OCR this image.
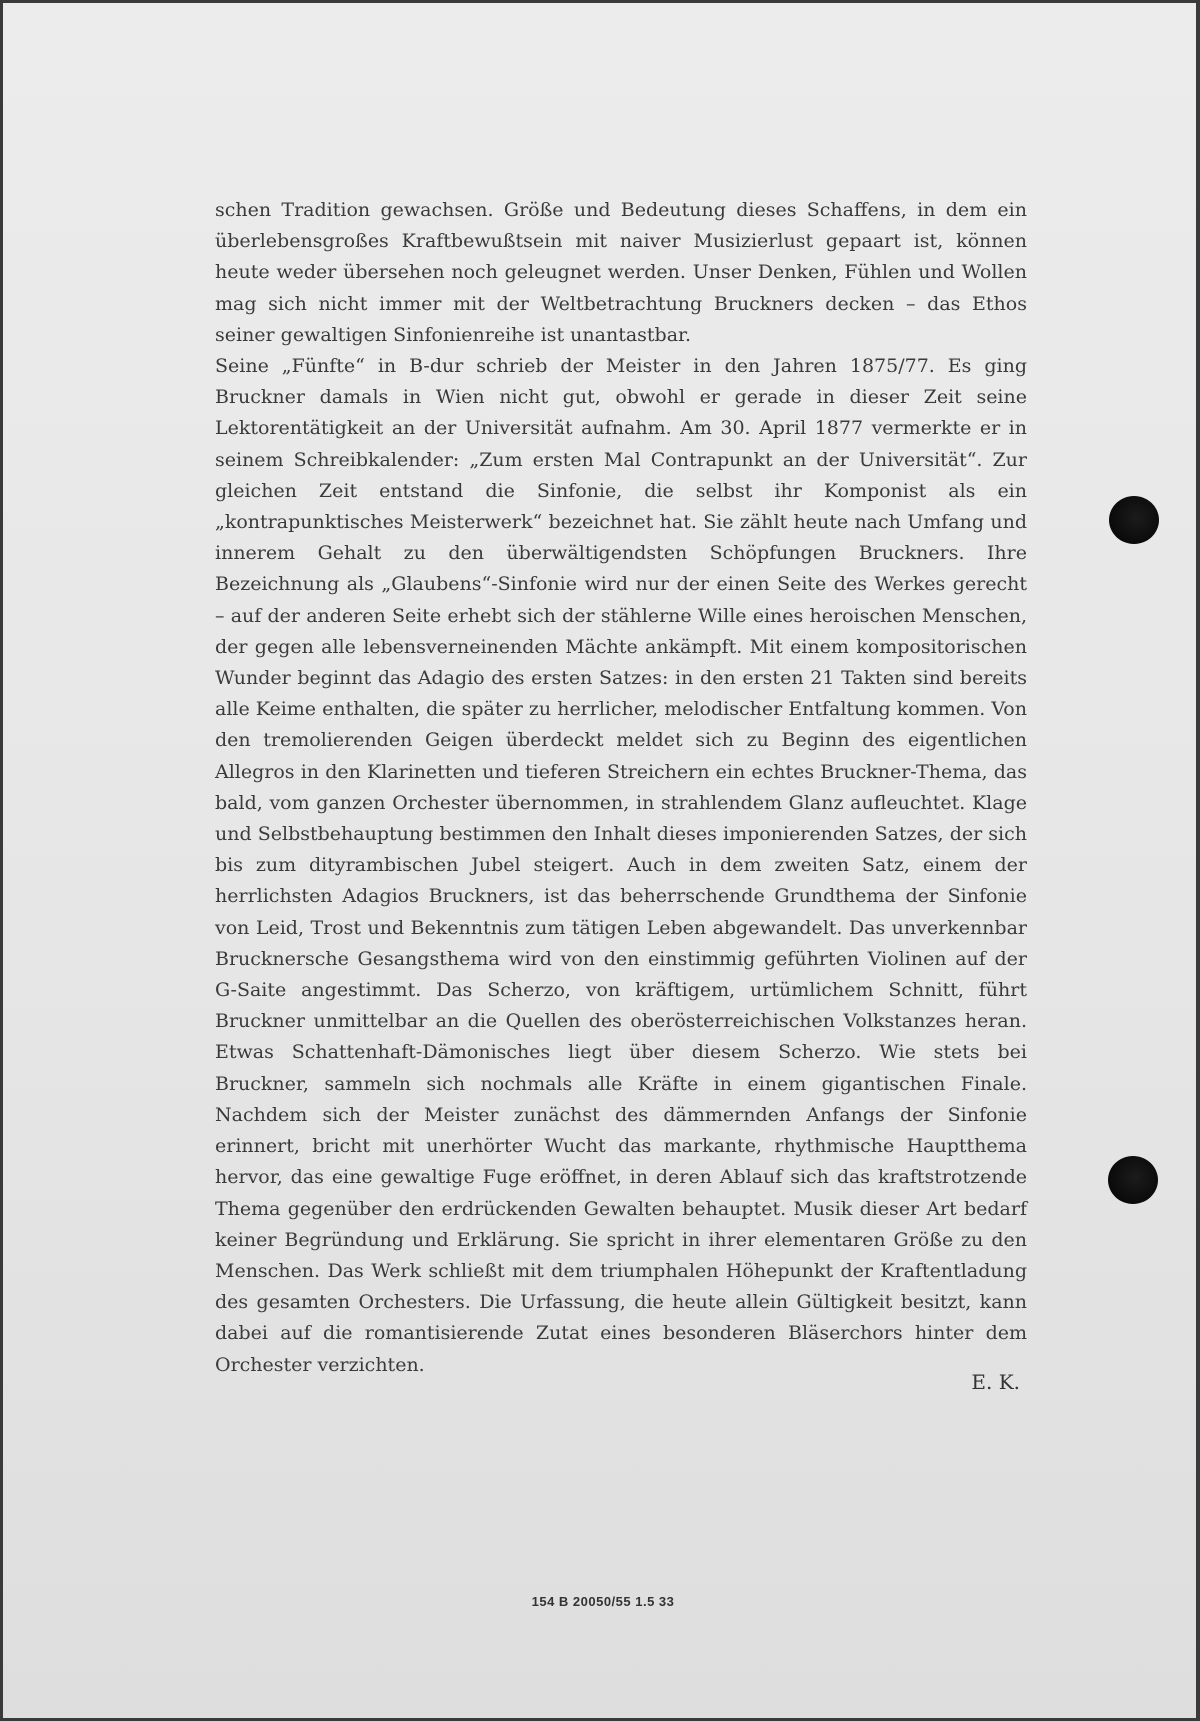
schen Tradition gewachsen. Größe und Bedeutung dieses Schaffens, in dem ein überlebensgroßes Kraftbewußtsein mit naiver Musizierlust gepaart ist, können heute weder übersehen noch geleugnet werden. Unser Denken, Fühlen und Wollen mag sich nicht immer mit der Weltbetrachtung Bruckners decken – das Ethos seiner gewaltigen Sinfonienreihe ist unantastbar.

Seine „Fünfte“ in B-dur schrieb der Meister in den Jahren 1875/77. Es ging Bruckner damals in Wien nicht gut, obwohl er gerade in dieser Zeit seine Lektorentätigkeit an der Universität aufnahm. Am 30. April 1877 vermerkte er in seinem Schreibkalender: „Zum ersten Mal Contrapunkt an der Universität“. Zur gleichen Zeit entstand die Sinfonie, die selbst ihr Komponist als ein „kontrapunktisches Meisterwerk“ bezeichnet hat. Sie zählt heute nach Umfang und innerem Gehalt zu den überwältigendsten Schöpfungen Bruckners. Ihre Bezeichnung als „Glaubens“-Sinfonie wird nur der einen Seite des Werkes gerecht – auf der anderen Seite erhebt sich der stählerne Wille eines heroischen Menschen, der gegen alle lebensverneinenden Mächte ankämpft. Mit einem kompositorischen Wunder beginnt das Adagio des ersten Satzes: in den ersten 21 Takten sind bereits alle Keime enthalten, die später zu herrlicher, melodischer Entfaltung kommen. Von den tremolierenden Geigen überdeckt meldet sich zu Beginn des eigentlichen Allegros in den Klarinetten und tieferen Streichern ein echtes Bruckner-Thema, das bald, vom ganzen Orchester übernommen, in strahlendem Glanz aufleuchtet. Klage und Selbstbehauptung bestimmen den Inhalt dieses imponierenden Satzes, der sich bis zum dityrambischen Jubel steigert. Auch in dem zweiten Satz, einem der herrlichsten Adagios Bruckners, ist das beherrschende Grundthema der Sinfonie von Leid, Trost und Bekenntnis zum tätigen Leben abgewandelt. Das unverkennbar Brucknersche Gesangsthema wird von den einstimmig geführten Violinen auf der G-Saite angestimmt. Das Scherzo, von kräftigem, urtümlichem Schnitt, führt Bruckner unmittelbar an die Quellen des oberösterreichischen Volkstanzes heran. Etwas Schattenhaft-Dämonisches liegt über diesem Scherzo. Wie stets bei Bruckner, sammeln sich nochmals alle Kräfte in einem gigantischen Finale. Nachdem sich der Meister zunächst des dämmernden Anfangs der Sinfonie erinnert, bricht mit unerhörter Wucht das markante, rhythmische Hauptthema hervor, das eine gewaltige Fuge eröffnet, in deren Ablauf sich das kraftstrotzende Thema gegenüber den erdrückenden Gewalten behauptet. Musik dieser Art bedarf keiner Begründung und Erklärung. Sie spricht in ihrer elementaren Größe zu den Menschen. Das Werk schließt mit dem triumphalen Höhepunkt der Kraftentladung des gesamten Orchesters. Die Urfassung, die heute allein Gültigkeit besitzt, kann dabei auf die romantisierende Zutat eines besonderen Bläserchors hinter dem Orchester verzichten.

E. K.
154 B 20050/55 1.5 33
